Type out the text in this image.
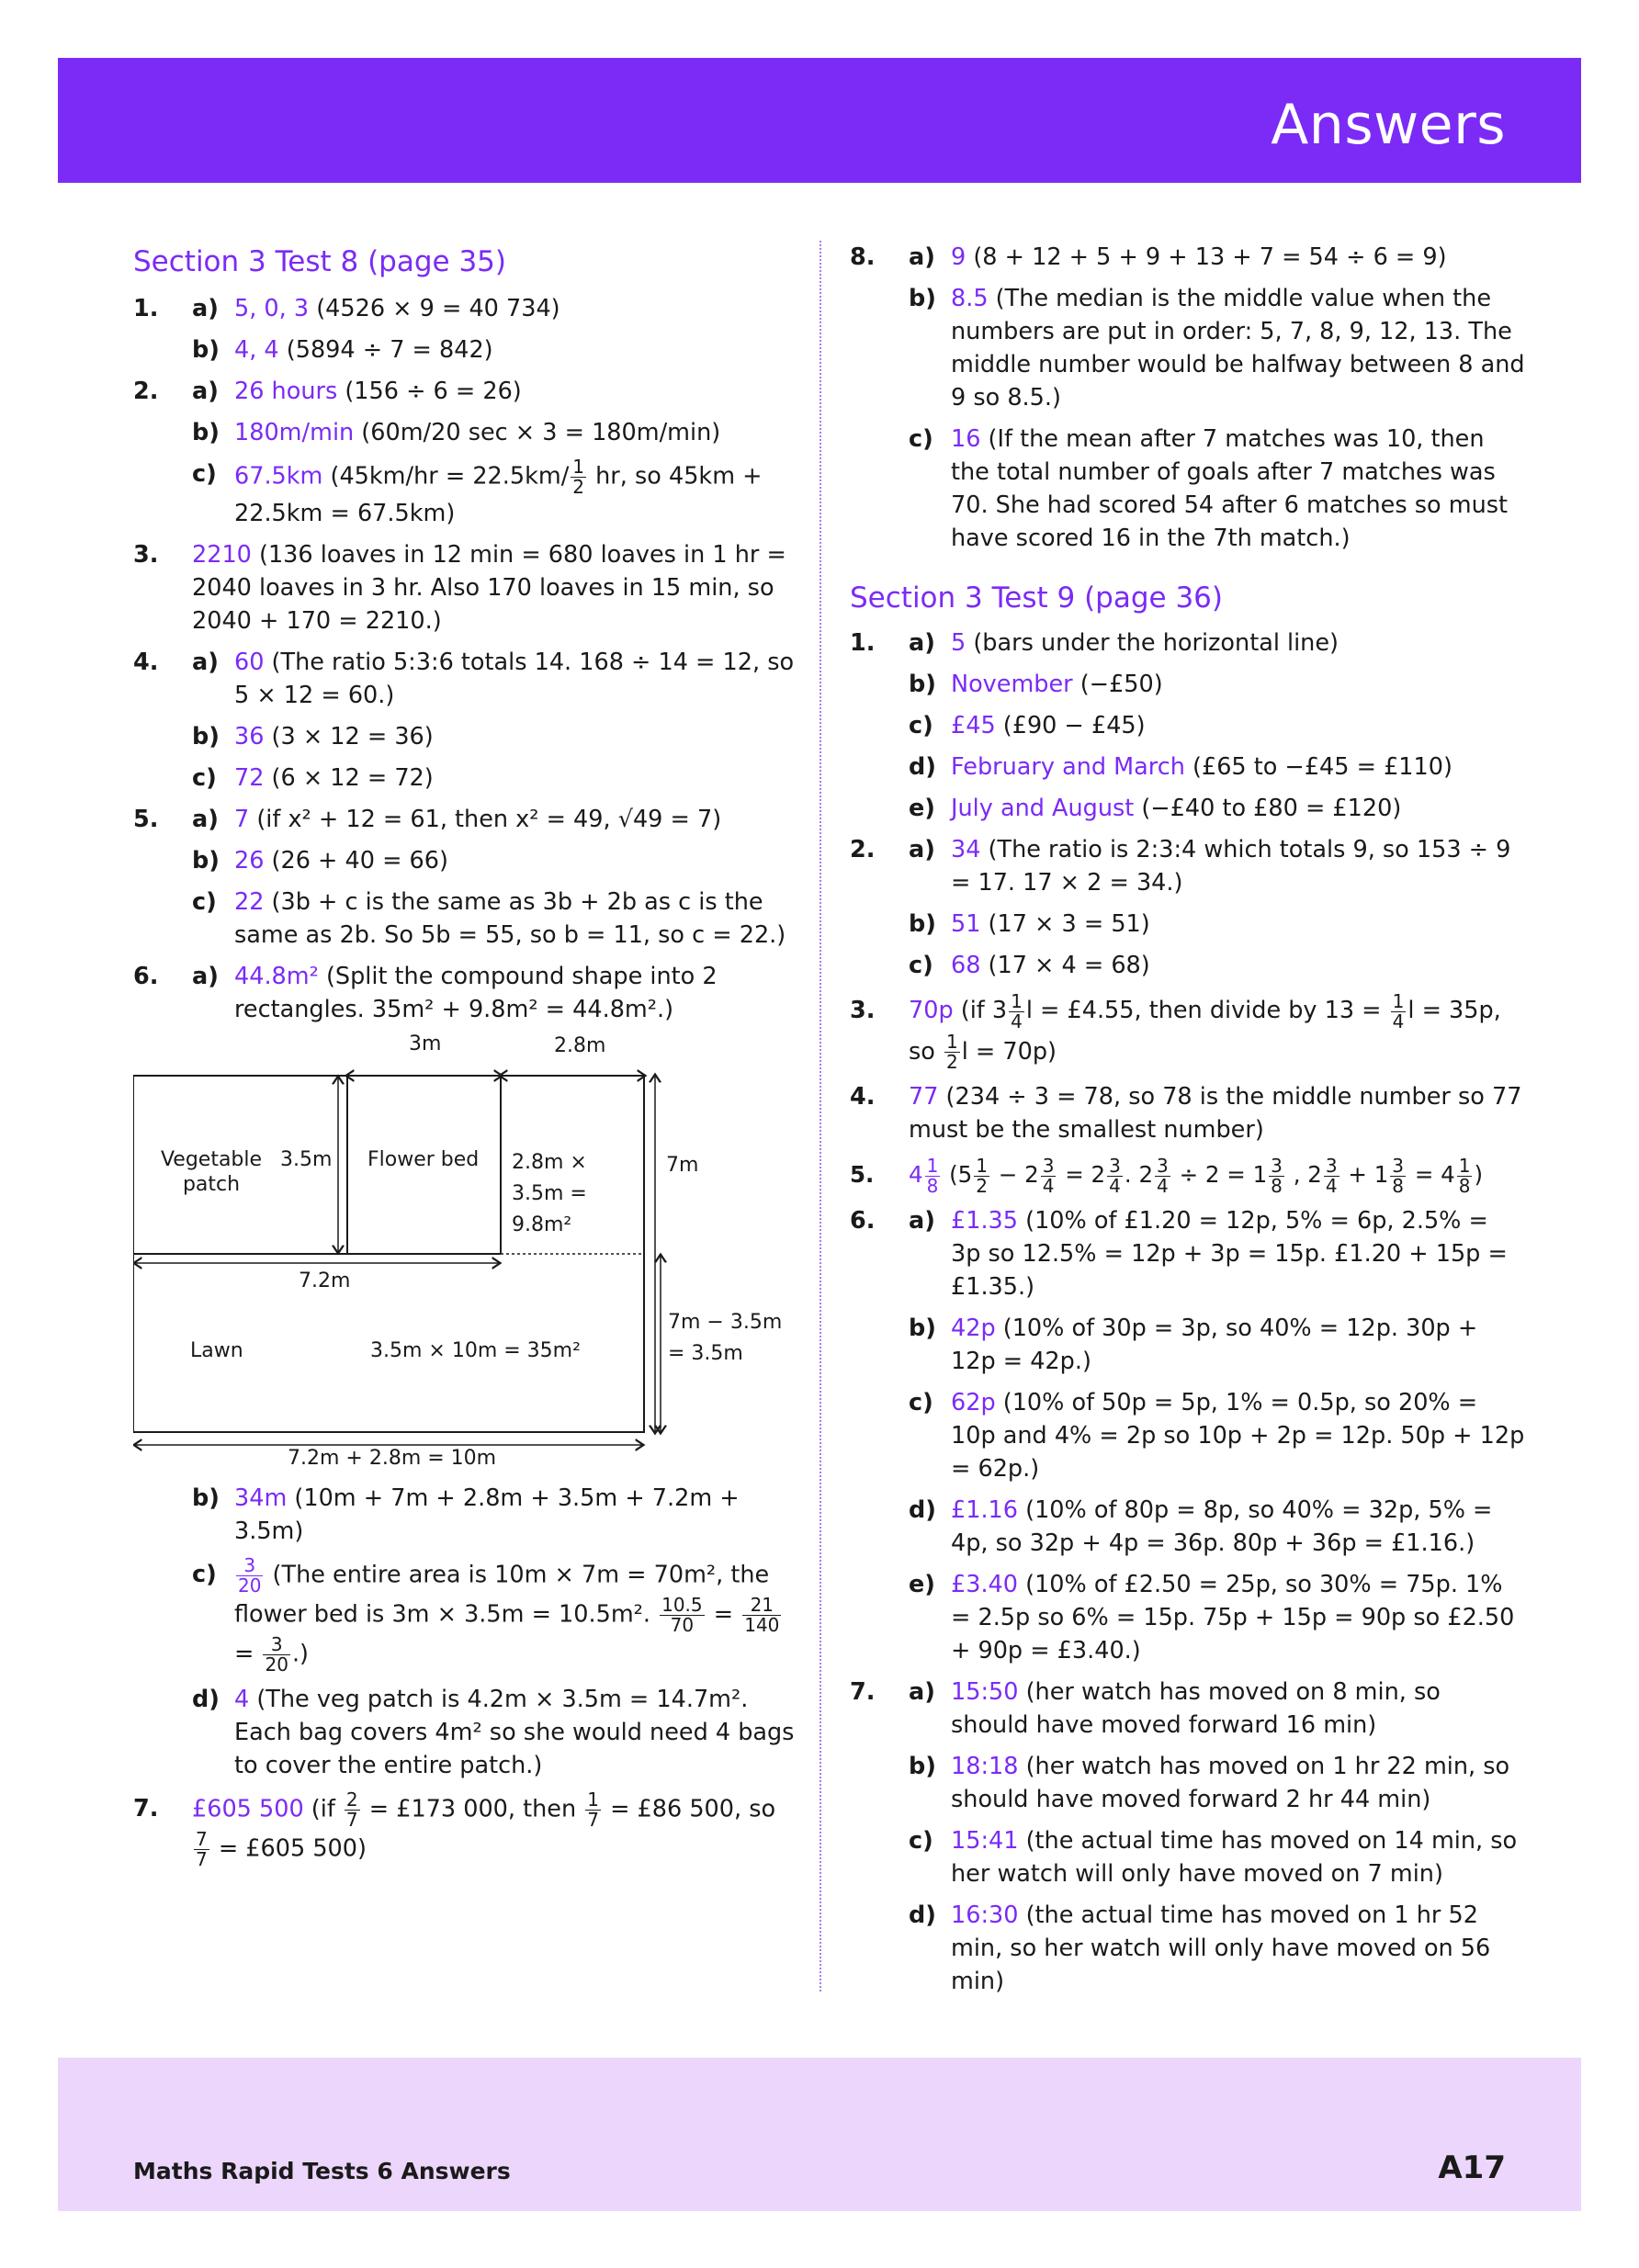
Answers
Section 3 Test 8 (page 35)
1. a) 5, 0, 3 (4526 × 9 = 40 734)
b) 4, 4 (5894 ÷ 7 = 842)
2. a) 26 hours (156 ÷ 6 = 26)
b) 180m/min (60m/20 sec × 3 = 180m/min)
c) 67.5km ($45km/hr = 22.5km/ \frac{1}{2}$ hr, so 45km + 22.5km = 67.5km)
3. 2210 (136 loaves in 12 min = 680 loaves in 1 hr = 2040 loaves in 3 hr. Also 170 loaves in 15 min, so 2040 + 170 = 2210.)
4. a) 60 (The ratio 5:3:6 totals 14. 168 ÷ 14 = 12, so 5 × 12 = 60.)
b) 36 (3 × 12 = 36)
c) 72 (6 × 12 = 72)
5. a) 7 (if x² + 12 = 61, then x² = 49, √49 = 7)
b) 26 (26 + 40 = 66)
c) 22 (3b + c is the same as 3b + 2b as c is the same as 2b. So 5b = 55, so b = 11, so c = 22.)
6. a) 44.8m² (Split the compound shape into 2 rectangles. 35m² + 9.8m² = 44.8m².)
3m	2.8m
Vegetable patch
3.5m Flower bed 2.8m × 3.5m = 9.8m²
7m
7.2m
Lawn	3.5m × 10m = 35m²
7m − 3.5m = 3.5m
7.2m + 2.8m = 10m
b) 34m (10m + 7m + 2.8m + 3.5m + 7.2m + 3.5m)
$c) \frac{3}{20} (The$ entire area is 10m × 7m = 70m², the flower bed is 3m × 3.5m = 10.5m². $\frac{10.5}{70} = \frac{21}{140}$
= $\frac{3}{20}$ .)
d) 4 (The veg patch is 4.2m × 3.5m = 14.7m². Each bag covers 4m² so she would need 4 bags to cover the entire patch.)
7. £605 500 ($if \frac{2}{7}$ = £173 000, then $\frac{1}{7}$ = £86 500, so
$\frac{7}{7}$ = £605 500)
8. a) 9 (8 + 12 + 5 + 9 + 13 + 7 = 54 ÷ 6 = 9)
b) 8.5 (The median is the middle value when the numbers are put in order: 5, 7, 8, 9, 12, 13. The middle number would be halfway between 8 and 9 so 8.5.)
c) 16 (If the mean after 7 matches was 10, then the total number of goals after 7 matches was 70. She had scored 54 after 6 matches so must have scored 16 in the 7th match.)
Section 3 Test 9 (page 36)
1. a) 5 (bars under the horizontal line)
b) November (−£50)
c) £45 (£90 − £45)
d) February and March (£65 to −£45 = £110)
e) July and August (−£40 to £80 = £120)
2. a) 34 (The ratio is 2:3:4 which totals 9, so 153 ÷ 9 = 17. 17 × 2 = 34.)
b) 51 (17 × 3 = 51)
c) 68 (17 × 4 = 68)
3. 70p (if $3 \frac{1}{4}$ l = £4.55, then divide by $13 = \frac{1}{4}$ l = 35p, so $\frac{1}{2}$ l = 70p)
4. 77 (234 ÷ 3 = 78, so 78 is the middle number so 77 must be the smallest number)
5. $4 \frac{1}{8} (5 \frac{1}{2} - 2 \frac{3}{4} = 2 \frac{3}{4}$ . $2 \frac{3}{4} \div 2 = 1 \frac{3}{8}$ , $2 \frac{3}{4} + 1 \frac{3}{8} = 4 \frac{1}{8}$ )
6. a) £1.35 (10% of £1.20 = 12p, 5% = 6p, 2.5% = 3p so 12.5% = 12p + 3p = 15p. £1.20 + 15p = £1.35.)
b) 42p (10% of 30p = 3p, so 40% = 12p. 30p + 12p = 42p.)
c) 62p (10% of 50p = 5p, 1% = 0.5p, so 20% = 10p and 4% = 2p so 10p + 2p = 12p. 50p + 12p = 62p.)
d) £1.16 (10% of 80p = 8p, so 40% = 32p, 5% = 4p, so 32p + 4p = 36p. 80p + 36p = £1.16.)
e) £3.40 (10% of £2.50 = 25p, so 30% = 75p. 1% = 2.5p so 6% = 15p. 75p + 15p = 90p so £2.50 + 90p = £3.40.)
7. a) 15:50 (her watch has moved on 8 min, so should have moved forward 16 min)
b) 18:18 (her watch has moved on 1 hr 22 min, so should have moved forward 2 hr 44 min)
c) 15:41 (the actual time has moved on 14 min, so her watch will only have moved on 7 min)
d) 16:30 (the actual time has moved on 1 hr 52 min, so her watch will only have moved on 56 min)
Maths Rapid Tests 6 Answers	A17
